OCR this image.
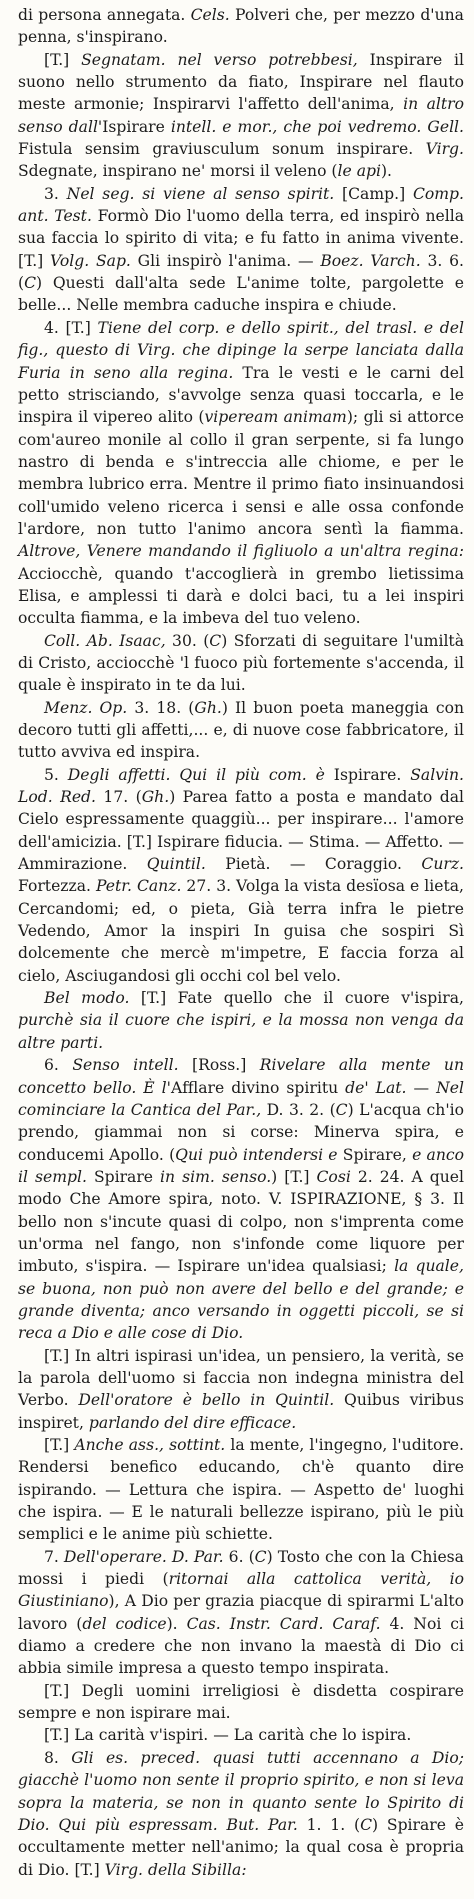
di persona annegata. Cels. Polveri che, per mezzo d'una penna, s'inspirano.

[T.] Segnatam. nel verso potrebbesi, Inspirare il suono nello strumento da fiato, Inspirare nel flauto meste armonie; Inspirarvi l'affetto dell'anima, in altro senso dall'Ispirare intell. e mor., che poi vedremo. Gell. Fistula sensim graviusculum sonum inspirare. Virg. Sdegnate, inspirano ne' morsi il veleno (le api).

3. Nel seg. si viene al senso spirit. [Camp.] Comp. ant. Test. Formò Dio l'uomo della terra, ed inspirò nella sua faccia lo spirito di vita; e fu fatto in anima vivente. [T.] Volg. Sap. Gli inspirò l'anima. — Boez. Varch. 3. 6. (C) Questi dall'alta sede L'anime tolte, pargolette e belle... Nelle membra caduche inspira e chiude.

4. [T.] Tiene del corp. e dello spirit., del trasl. e del fig., questo di Virg. che dipinge la serpe lanciata dalla Furia in seno alla regina. Tra le vesti e le carni del petto strisciando, s'avvolge senza quasi toccarla, e le inspira il vipereo alito (vipeream animam); gli si attorce com'aureo monile al collo il gran serpente, si fa lungo nastro di benda e s'intreccia alle chiome, e per le membra lubrico erra. Mentre il primo fiato insinuandosi coll'umido veleno ricerca i sensi e alle ossa confonde l'ardore, non tutto l'animo ancora sentì la fiamma. Altrove, Venere mandando il figliuolo a un'altra regina: Acciocchè, quando t'accoglierà in grembo lietissima Elisa, e amplessi ti darà e dolci baci, tu a lei inspiri occulta fiamma, e la imbeva del tuo veleno.

Coll. Ab. Isaac, 30. (C) Sforzati di seguitare l'umiltà di Cristo, acciocchè 'l fuoco più fortemente s'accenda, il quale è inspirato in te da lui.

Menz. Op. 3. 18. (Gh.) Il buon poeta maneggia con decoro tutti gli affetti,... e, di nuove cose fabbricatore, il tutto avviva ed inspira.

5. Degli affetti. Qui il più com. è Ispirare. Salvin. Lod. Red. 17. (Gh.) Parea fatto a posta e mandato dal Cielo espressamente quaggiù... per inspirare... l'amore dell'amicizia. [T.] Ispirare fiducia. — Stima. — Affetto. — Ammirazione. Quintil. Pietà. — Coraggio. Curz. Fortezza. Petr. Canz. 27. 3. Volga la vista desïosa e lieta, Cercandomi; ed, o pieta, Già terra infra le pietre Vedendo, Amor la inspiri In guisa che sospiri Sì dolcemente che mercè m'impetre, E faccia forza al cielo, Asciugandosi gli occhi col bel velo.

Bel modo. [T.] Fate quello che il cuore v'ispira, purchè sia il cuore che ispiri, e la mossa non venga da altre parti.

6. Senso intell. [Ross.] Rivelare alla mente un concetto bello. È l'Afflare divino spiritu de' Lat. — Nel cominciare la Cantica del Par., D. 3. 2. (C) L'acqua ch'io prendo, giammai non si corse: Minerva spira, e conducemi Apollo. (Qui può intendersi e Spirare, e anco il sempl. Spirare in sim. senso.) [T.] Cosi 2. 24. A quel modo Che Amore spira, noto. V. ISPIRAZIONE, § 3. Il bello non s'incute quasi di colpo, non s'imprenta come un'orma nel fango, non s'infonde come liquore per imbuto, s'ispira. — Ispirare un'idea qualsiasi; la quale, se buona, non può non avere del bello e del grande; e grande diventa; anco versando in oggetti piccoli, se si reca a Dio e alle cose di Dio.

[T.] In altri ispirasi un'idea, un pensiero, la verità, se la parola dell'uomo si faccia non indegna ministra del Verbo. Dell'oratore è bello in Quintil. Quibus viribus inspiret, parlando del dire efficace.

[T.] Anche ass., sottint. la mente, l'ingegno, l'uditore. Rendersi benefico educando, ch'è quanto dire ispirando. — Lettura che ispira. — Aspetto de' luoghi che ispira. — E le naturali bellezze ispirano, più le più semplici e le anime più schiette.

7. Dell'operare. D. Par. 6. (C) Tosto che con la Chiesa mossi i piedi (ritornai alla cattolica verità, io Giustiniano), A Dio per grazia piacque di spirarmi L'alto lavoro (del codice). Cas. Instr. Card. Caraf. 4. Noi ci diamo a credere che non invano la maestà di Dio ci abbia simile impresa a questo tempo inspirata.

[T.] Degli uomini irreligiosi è disdetta cospirare sempre e non ispirare mai.

[T.] La carità v'ispiri. — La carità che lo ispira.

8. Gli es. preced. quasi tutti accennano a Dio; giacchè l'uomo non sente il proprio spirito, e non si leva sopra la materia, se non in quanto sente lo Spirito di Dio. Qui più espressam. But. Par. 1. 1. (C) Spirare è occultamente metter nell'animo; la qual cosa è propria di Dio. [T.] Virg. della Sibilla:
